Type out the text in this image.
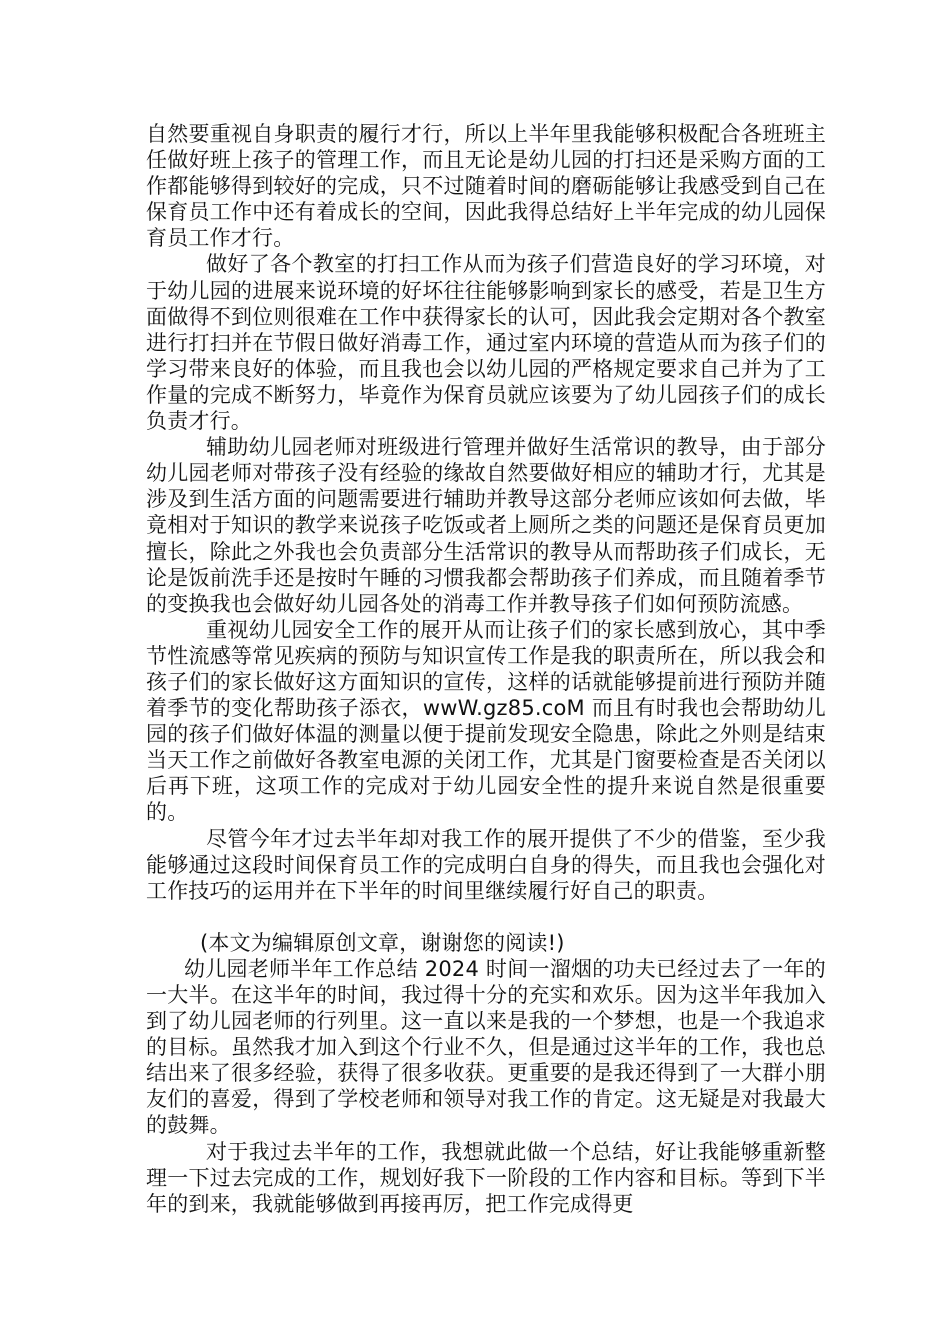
自然要重视自身职责的履行才行，所以上半年里我能够积极配合各班班主任做好班上孩子的管理工作，而且无论是幼儿园的打扫还是采购方面的工作都能够得到较好的完成，只不过随着时间的磨砺能够让我感受到自己在保育员工作中还有着成长的空间，因此我得总结好上半年完成的幼儿园保育员工作才行。

做好了各个教室的打扫工作从而为孩子们营造良好的学习环境，对于幼儿园的进展来说环境的好坏往往能够影响到家长的感受，若是卫生方面做得不到位则很难在工作中获得家长的认可，因此我会定期对各个教室进行打扫并在节假日做好消毒工作，通过室内环境的营造从而为孩子们的学习带来良好的体验，而且我也会以幼儿园的严格规定要求自己并为了工作量的完成不断努力，毕竟作为保育员就应该要为了幼儿园孩子们的成长负责才行。

辅助幼儿园老师对班级进行管理并做好生活常识的教导，由于部分幼儿园老师对带孩子没有经验的缘故自然要做好相应的辅助才行，尤其是涉及到生活方面的问题需要进行辅助并教导这部分老师应该如何去做，毕竟相对于知识的教学来说孩子吃饭或者上厕所之类的问题还是保育员更加擅长，除此之外我也会负责部分生活常识的教导从而帮助孩子们成长，无论是饭前洗手还是按时午睡的习惯我都会帮助孩子们养成，而且随着季节的变换我也会做好幼儿园各处的消毒工作并教导孩子们如何预防流感。

重视幼儿园安全工作的展开从而让孩子们的家长感到放心，其中季节性流感等常见疾病的预防与知识宣传工作是我的职责所在，所以我会和孩子们的家长做好这方面知识的宣传，这样的话就能够提前进行预防并随着季节的变化帮助孩子添衣，wwW.gz85.coM 而且有时我也会帮助幼儿园的孩子们做好体温的测量以便于提前发现安全隐患，除此之外则是结束当天工作之前做好各教室电源的关闭工作，尤其是门窗要检查是否关闭以后再下班，这项工作的完成对于幼儿园安全性的提升来说自然是很重要的。

尽管今年才过去半年却对我工作的展开提供了不少的借鉴，至少我能够通过这段时间保育员工作的完成明白自身的得失，而且我也会强化对工作技巧的运用并在下半年的时间里继续履行好自己的职责。

(本文为编辑原创文章，谢谢您的阅读!)

幼儿园老师半年工作总结 2024 时间一溜烟的功夫已经过去了一年的一大半。在这半年的时间，我过得十分的充实和欢乐。因为这半年我加入到了幼儿园老师的行列里。这一直以来是我的一个梦想，也是一个我追求的目标。虽然我才加入到这个行业不久，但是通过这半年的工作，我也总结出来了很多经验，获得了很多收获。更重要的是我还得到了一大群小朋友们的喜爱，得到了学校老师和领导对我工作的肯定。这无疑是对我最大的鼓舞。

对于我过去半年的工作，我想就此做一个总结，好让我能够重新整理一下过去完成的工作，规划好我下一阶段的工作内容和目标。等到下半年的到来，我就能够做到再接再厉，把工作完成得更
